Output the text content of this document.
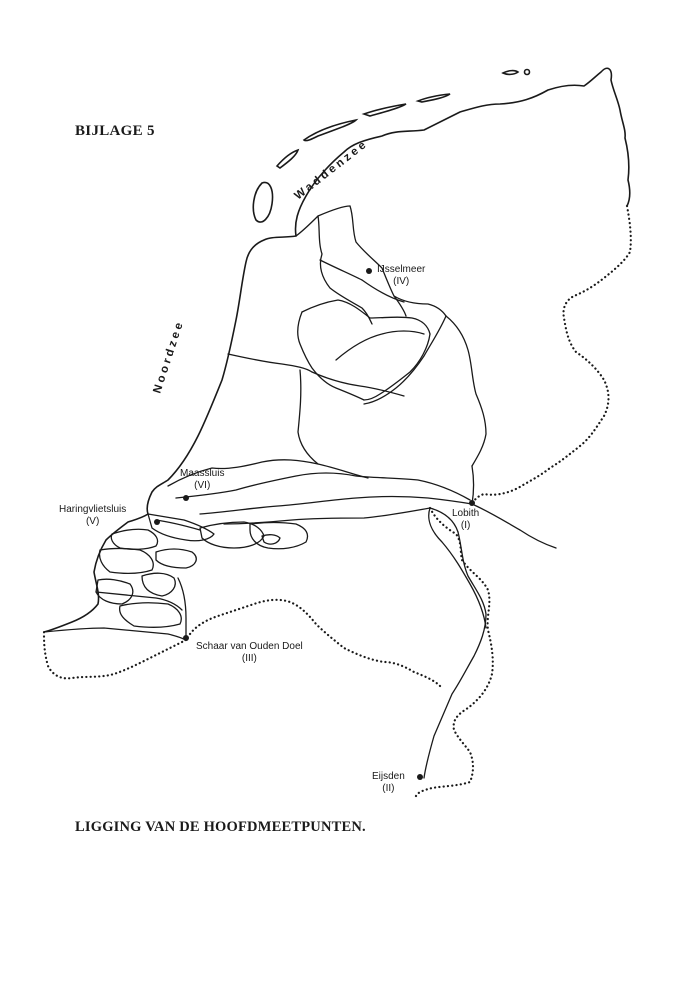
Waddenzee
Noordzee
BIJLAGE 5
LIGGING VAN DE HOOFDMEETPUNTEN.
IJsselmeer
(IV)
Maassluis
(VI)
Haringvlietsluis
(V)
Lobith
(I)
Schaar van Ouden Doel
(III)
Eijsden
(II)
